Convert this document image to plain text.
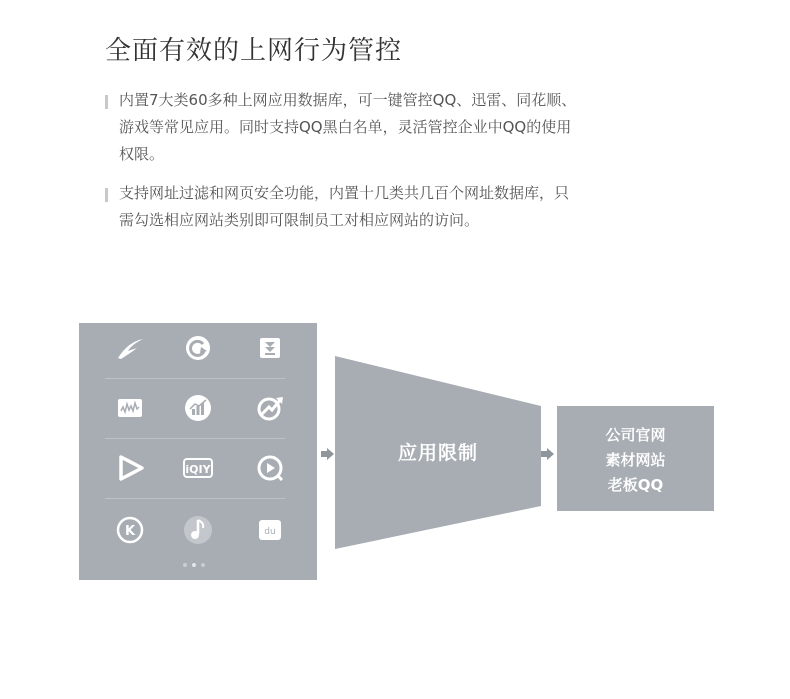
全面有效的上网行为管控
内置7大类60多种上网应用数据库，可一键管控QQ、迅雷、同花顺、
游戏等常见应用。同时支持QQ黑白名单，灵活管控企业中QQ的使用
权限。
支持网址过滤和网页安全功能，内置十几类共几百个网址数据库，只
需勾选相应网站类别即可限制员工对相应网站的访问。
iQIY
K	du
应用限制
公司官网
素材网站
老板QQ
